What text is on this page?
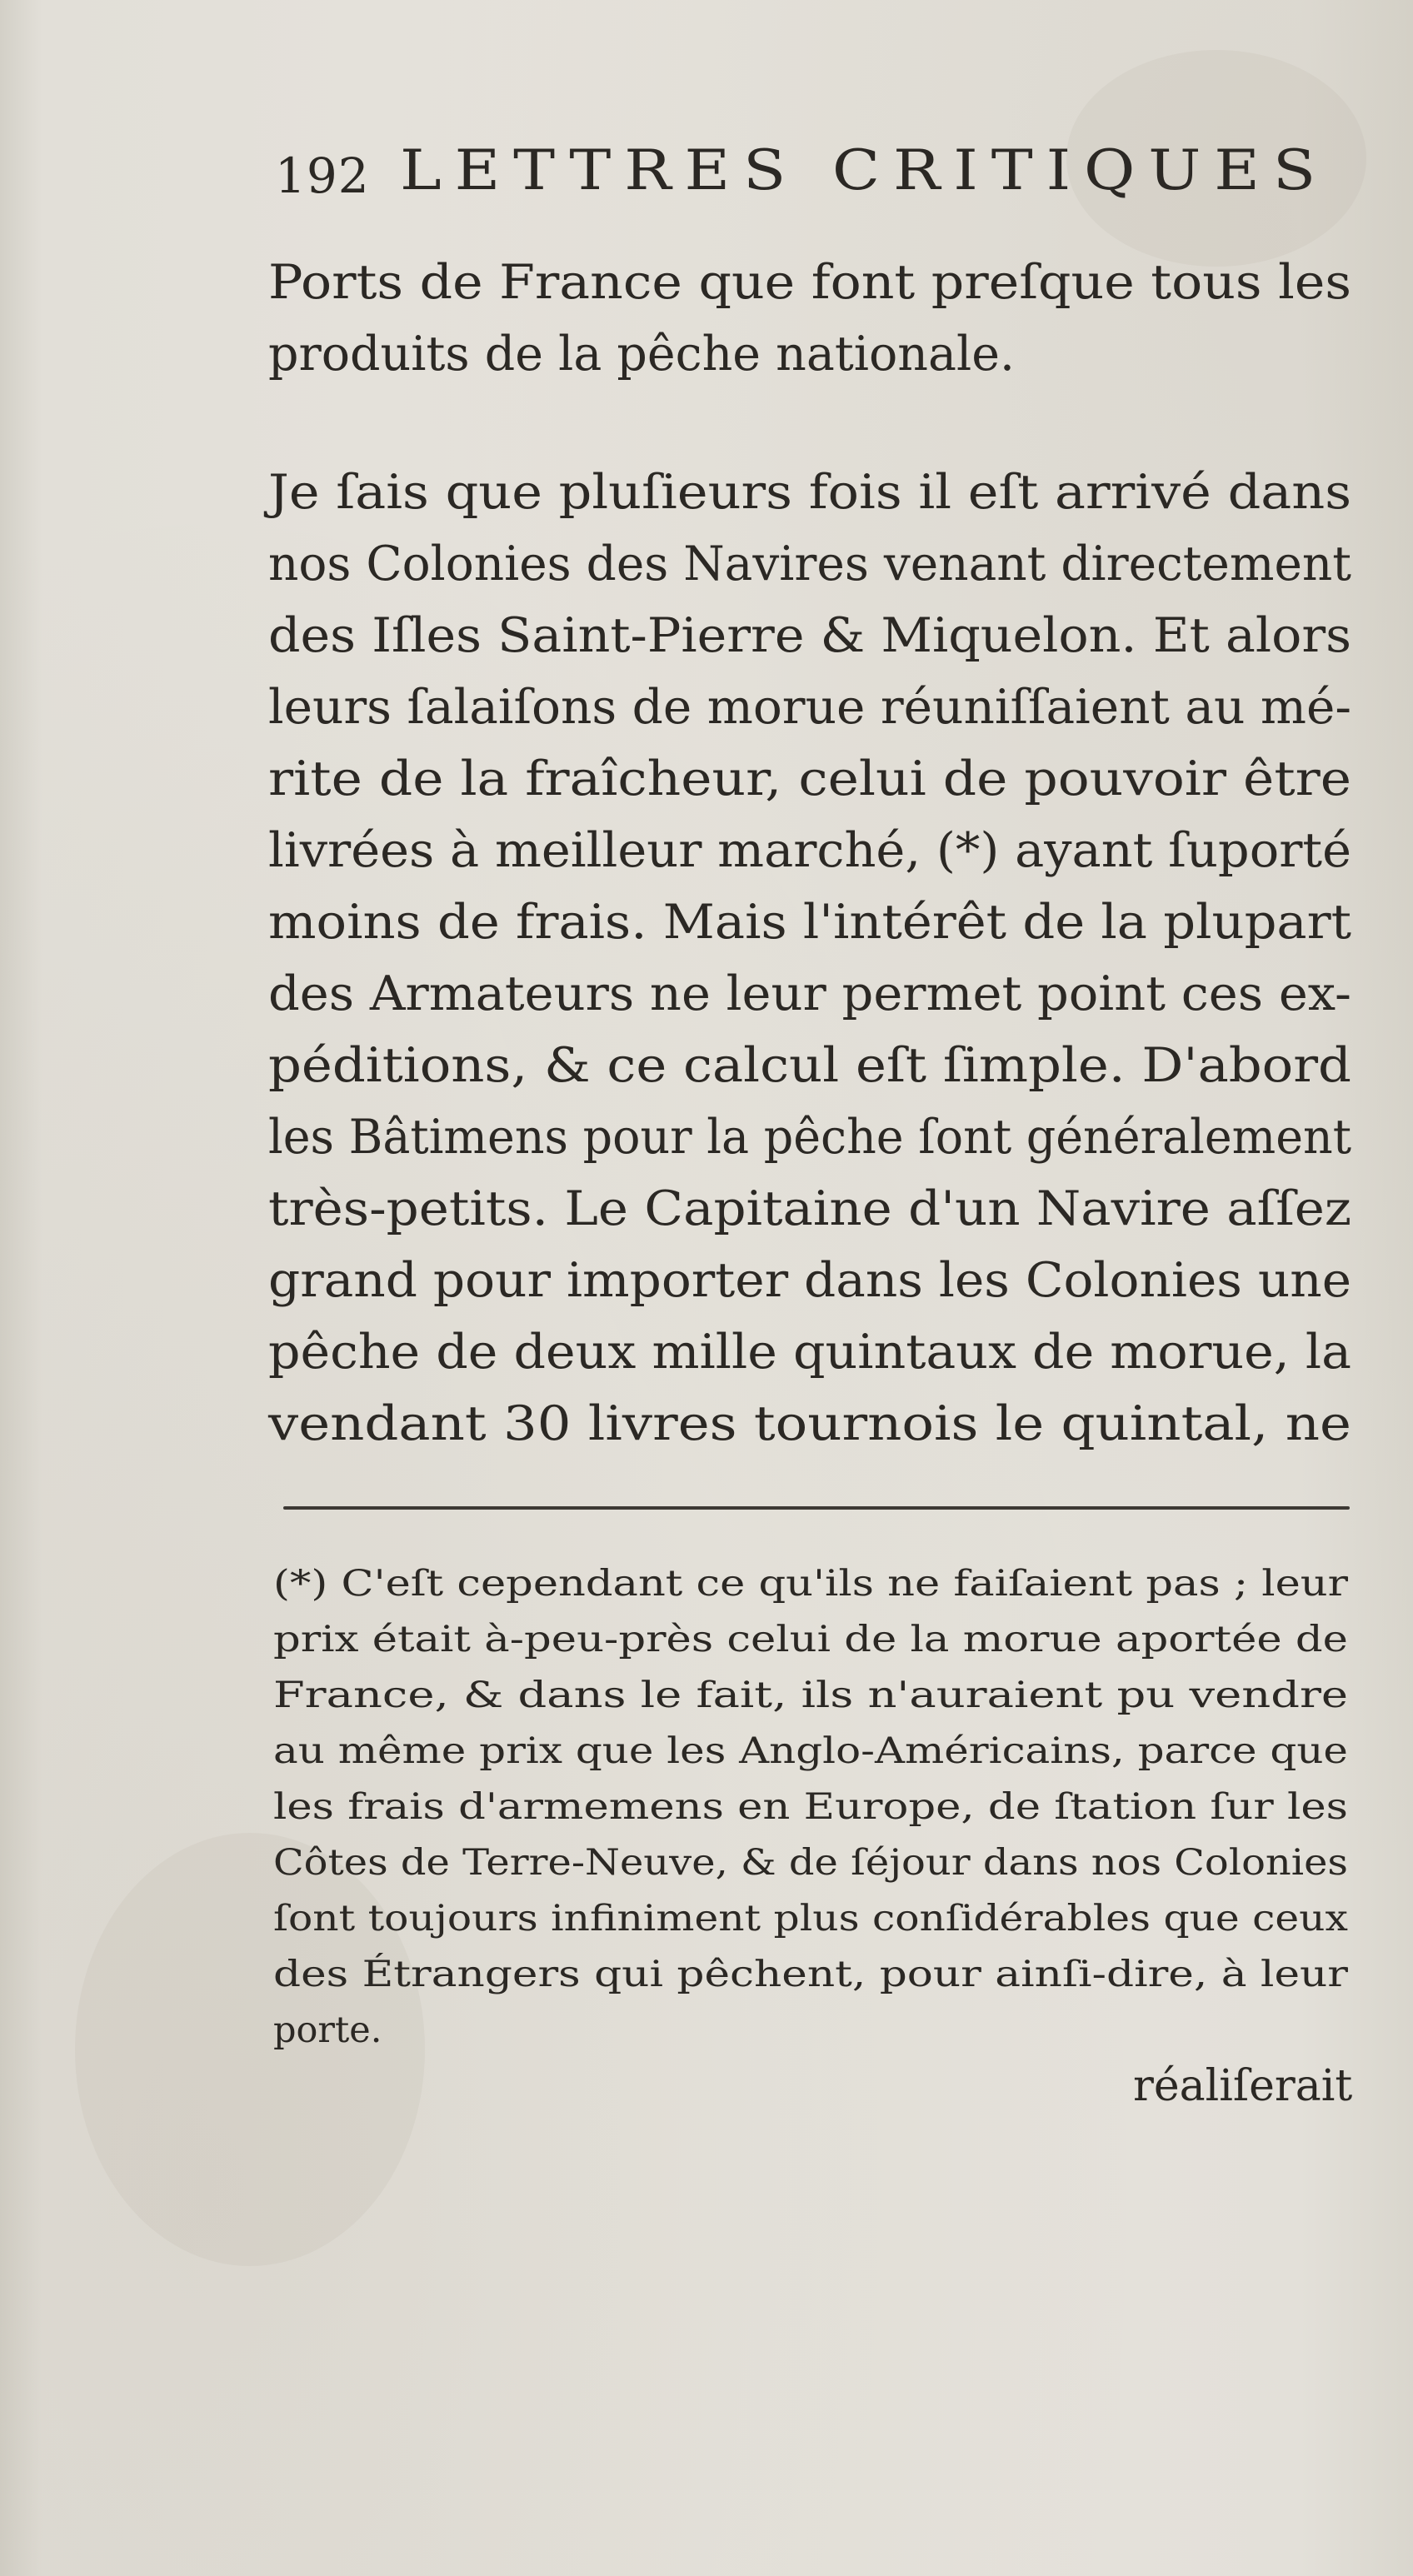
192 LETTRES CRITIQUES
Ports de France que font preſque tous les
produits de la pêche nationale.
Je ſais que pluſieurs fois il eſt arrivé dans
nos Colonies des Navires venant directement
des Iſles Saint-Pierre & Miquelon. Et alors
leurs ſalaiſons de morue réuniſſaient au mé-
rite de la fraîcheur, celui de pouvoir être
livrées à meilleur marché, (*) ayant ſuporté
moins de frais. Mais l'intérêt de la plupart
des Armateurs ne leur permet point ces ex-
péditions, & ce calcul eſt ſimple. D'abord
les Bâtimens pour la pêche ſont généralement
très-petits. Le Capitaine d'un Navire aſſez
grand pour importer dans les Colonies une
pêche de deux mille quintaux de morue, la
vendant 30 livres tournois le quintal, ne
(*) C'eſt cependant ce qu'ils ne faiſaient pas ; leur
prix était à-peu-près celui de la morue aportée de
France, & dans le fait, ils n'auraient pu vendre
au même prix que les Anglo-Américains, parce que
les frais d'armemens en Europe, de ſtation ſur les
Côtes de Terre-Neuve, & de ſéjour dans nos Colonies
ſont toujours infiniment plus conſidérables que ceux
des Étrangers qui pêchent, pour ainſi-dire, à leur
porte.
réaliſerait
